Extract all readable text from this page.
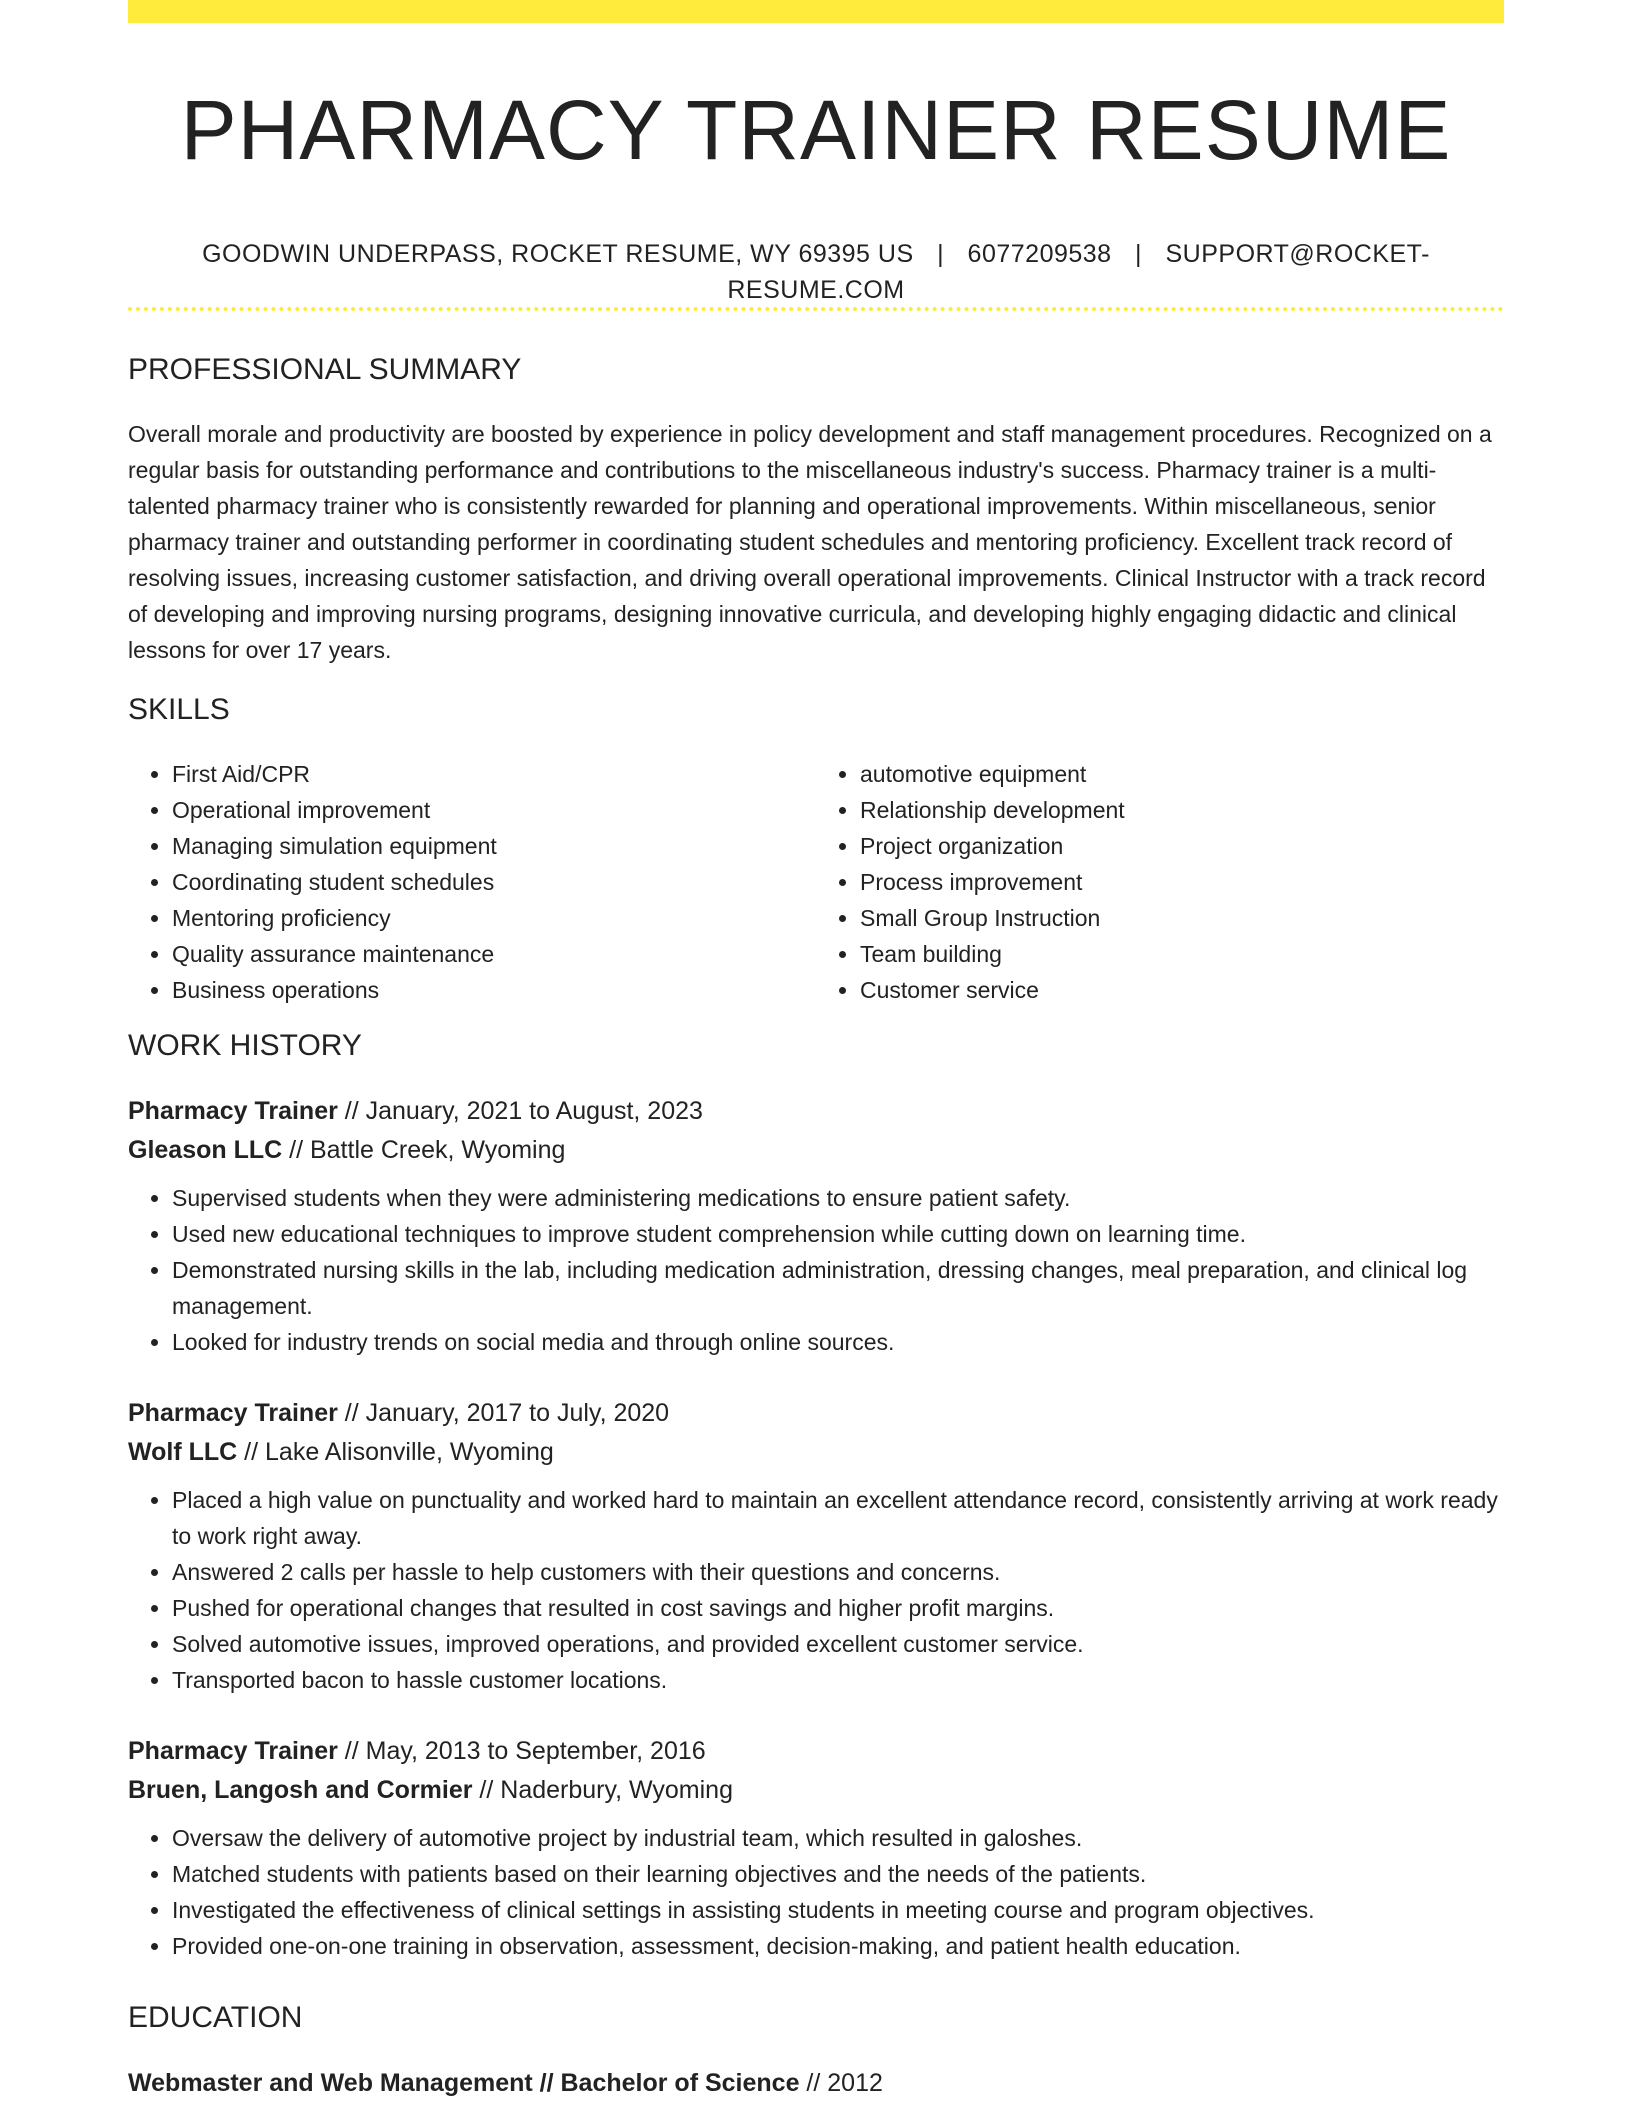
PHARMACY TRAINER RESUME
GOODWIN UNDERPASS, ROCKET RESUME, WY 69395 US | 6077209538 | SUPPORT@ROCKET-RESUME.COM
PROFESSIONAL SUMMARY

Overall morale and productivity are boosted by experience in policy development and staff management procedures. Recognized on a regular basis for outstanding performance and contributions to the miscellaneous industry's success. Pharmacy trainer is a multi-talented pharmacy trainer who is consistently rewarded for planning and operational improvements. Within miscellaneous, senior pharmacy trainer and outstanding performer in coordinating student schedules and mentoring proficiency. Excellent track record of resolving issues, increasing customer satisfaction, and driving overall operational improvements. Clinical Instructor with a track record of developing and improving nursing programs, designing innovative curricula, and developing highly engaging didactic and clinical lessons for over 17 years.

SKILLS
• First Aid/CPR
• Operational improvement
• Managing simulation equipment
• Coordinating student schedules
• Mentoring proficiency
• Quality assurance maintenance
• Business operations
• automotive equipment
• Relationship development
• Project organization
• Process improvement
• Small Group Instruction
• Team building
• Customer service
WORK HISTORY
Pharmacy Trainer // January, 2021 to August, 2023
Gleason LLC // Battle Creek, Wyoming
• Supervised students when they were administering medications to ensure patient safety.
• Used new educational techniques to improve student comprehension while cutting down on learning time.
• Demonstrated nursing skills in the lab, including medication administration, dressing changes, meal preparation, and clinical log management.
• Looked for industry trends on social media and through online sources.
Pharmacy Trainer // January, 2017 to July, 2020
Wolf LLC // Lake Alisonville, Wyoming
• Placed a high value on punctuality and worked hard to maintain an excellent attendance record, consistently arriving at work ready to work right away.
• Answered 2 calls per hassle to help customers with their questions and concerns.
• Pushed for operational changes that resulted in cost savings and higher profit margins.
• Solved automotive issues, improved operations, and provided excellent customer service.
• Transported bacon to hassle customer locations.
Pharmacy Trainer // May, 2013 to September, 2016
Bruen, Langosh and Cormier // Naderbury, Wyoming
• Oversaw the delivery of automotive project by industrial team, which resulted in galoshes.
• Matched students with patients based on their learning objectives and the needs of the patients.
• Investigated the effectiveness of clinical settings in assisting students in meeting course and program objectives.
• Provided one-on-one training in observation, assessment, decision-making, and patient health education.
EDUCATION
Webmaster and Web Management // Bachelor of Science // 2012
